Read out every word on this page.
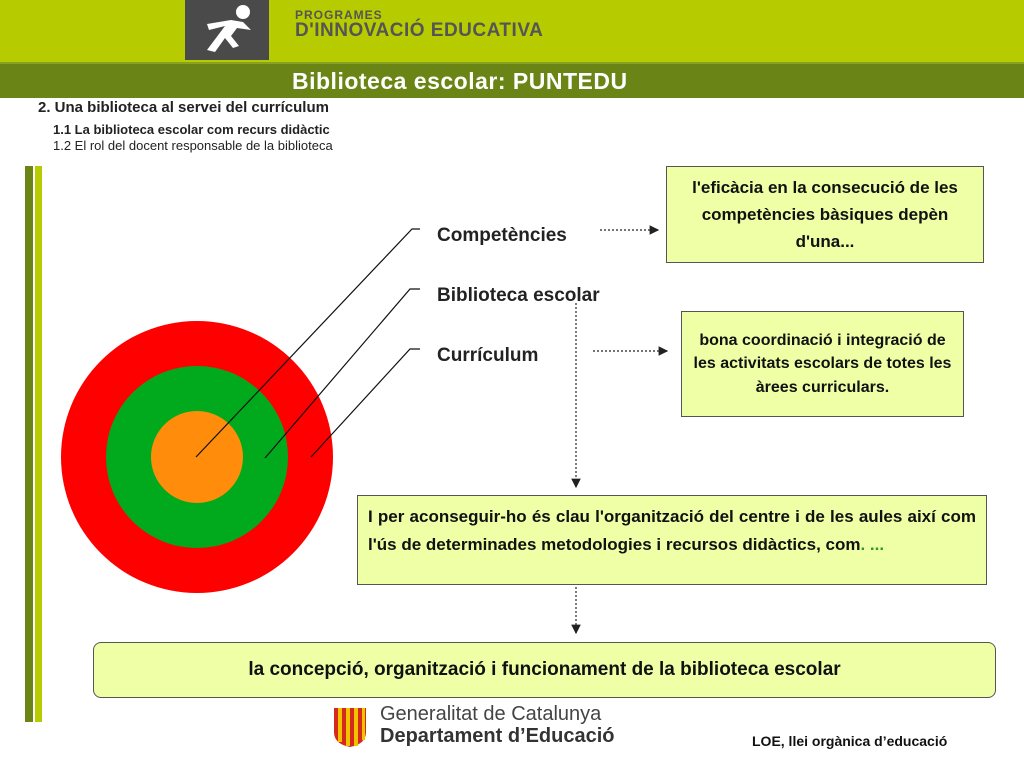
PROGRAMES
D'INNOVACIÓ EDUCATIVA
Biblioteca escolar: PUNTEDU
2. Una biblioteca al servei del currículum
1.1 La biblioteca escolar com recurs didàctic
1.2 El rol del docent responsable de la biblioteca
Competències
Biblioteca escolar
Currículum
l'eficàcia en la consecució de les competències bàsiques depèn d'una...
bona coordinació i integració de les activitats escolars de totes les àrees curriculars.
I per aconseguir-ho és clau l'organització del centre i de les aules així com l'ús de determinades metodologies i recursos didàctics, com. ...
la concepció, organització i funcionament de la biblioteca escolar
Generalitat de Catalunya
Departament d’Educació	LOE, llei orgànica d’educació
